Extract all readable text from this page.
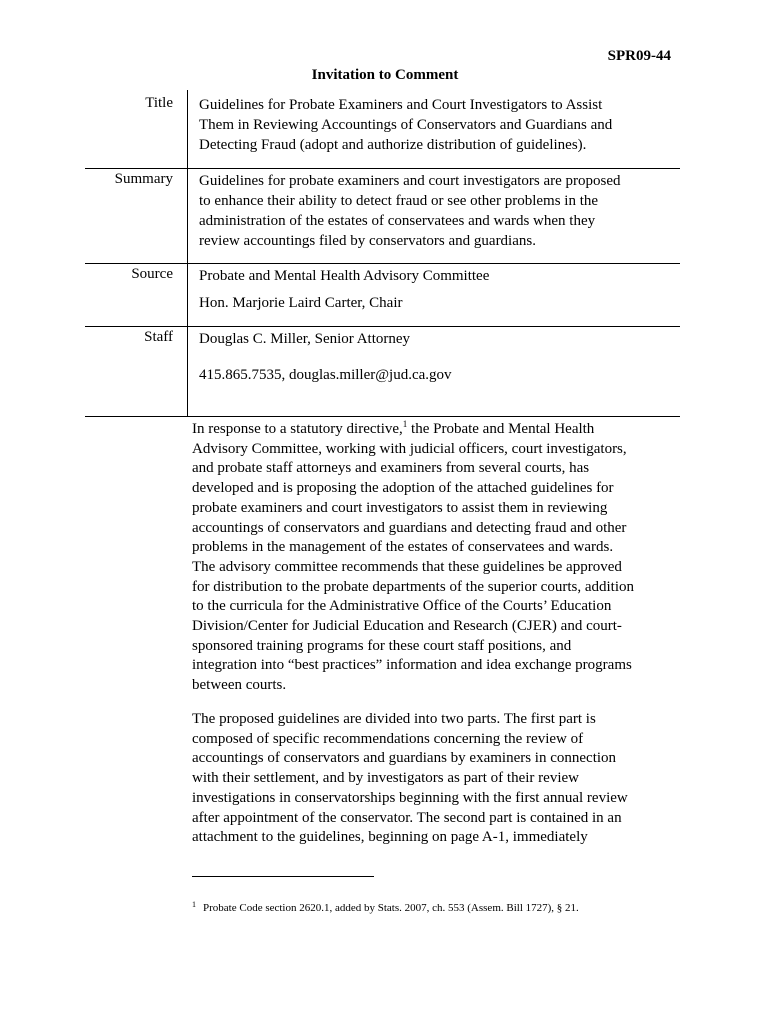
SPR09-44
Invitation to Comment
Title Guidelines for Probate Examiners and Court Investigators to Assist
Them in Reviewing Accountings of Conservators and Guardians and
Detecting Fraud (adopt and authorize distribution of guidelines).
Summary Guidelines for probate examiners and court investigators are proposed
to enhance their ability to detect fraud or see other problems in the
administration of the estates of conservatees and wards when they
review accountings filed by conservators and guardians.
Source Probate and Mental Health Advisory Committee
Hon. Marjorie Laird Carter, Chair
Staff Douglas C. Miller, Senior Attorney
415.865.7535, douglas.miller@jud.ca.gov
In response to a statutory directive,$^1$ the Probate and Mental Health
Advisory Committee, working with judicial officers, court investigators,
and probate staff attorneys and examiners from several courts, has
developed and is proposing the adoption of the attached guidelines for
probate examiners and court investigators to assist them in reviewing
accountings of conservators and guardians and detecting fraud and other
problems in the management of the estates of conservatees and wards.
The advisory committee recommends that these guidelines be approved
for distribution to the probate departments of the superior courts, addition
to the curricula for the Administrative Office of the Courts’ Education
Division/Center for Judicial Education and Research (CJER) and court-
sponsored training programs for these court staff positions, and
integration into “best practices” information and idea exchange programs
between courts.
The proposed guidelines are divided into two parts. The first part is
composed of specific recommendations concerning the review of
accountings of conservators and guardians by examiners in connection
with their settlement, and by investigators as part of their review
investigations in conservatorships beginning with the first annual review
after appointment of the conservator. The second part is contained in an
attachment to the guidelines, beginning on page A-1, immediately
$^1$ Probate Code section 2620.1, added by Stats. 2007, ch. 553 (Assem. Bill 1727), § 21.
